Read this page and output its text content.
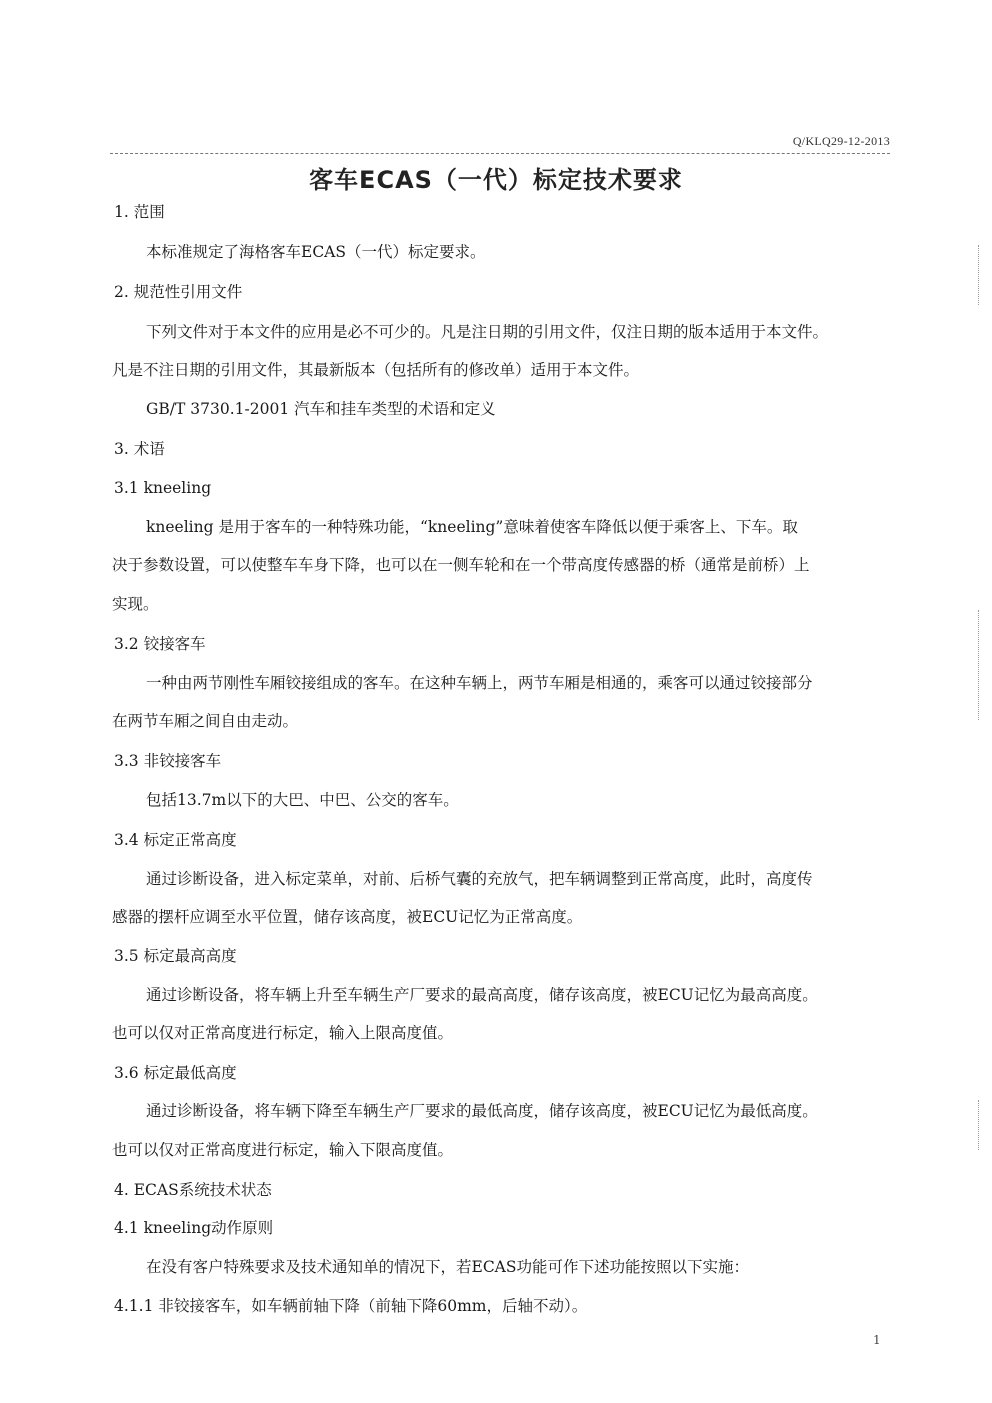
Q/KLQ29-12-2013
客车ECAS（一代）标定技术要求
1. 范围
本标准规定了海格客车ECAS（一代）标定要求。
2. 规范性引用文件
下列文件对于本文件的应用是必不可少的。凡是注日期的引用文件，仅注日期的版本适用于本文件。
凡是不注日期的引用文件，其最新版本（包括所有的修改单）适用于本文件。
GB/T 3730.1-2001 汽车和挂车类型的术语和定义
3. 术语
3.1 kneeling
kneeling 是用于客车的一种特殊功能，“kneeling”意味着使客车降低以便于乘客上、下车。取
决于参数设置，可以使整车车身下降，也可以在一侧车轮和在一个带高度传感器的桥（通常是前桥）上
实现。
3.2 铰接客车
一种由两节刚性车厢铰接组成的客车。在这种车辆上，两节车厢是相通的，乘客可以通过铰接部分
在两节车厢之间自由走动。
3.3 非铰接客车
包括13.7m以下的大巴、中巴、公交的客车。
3.4 标定正常高度
通过诊断设备，进入标定菜单，对前、后桥气囊的充放气，把车辆调整到正常高度，此时，高度传
感器的摆杆应调至水平位置，储存该高度，被ECU记忆为正常高度。
3.5 标定最高高度
通过诊断设备，将车辆上升至车辆生产厂要求的最高高度，储存该高度，被ECU记忆为最高高度。
也可以仅对正常高度进行标定，输入上限高度值。
3.6 标定最低高度
通过诊断设备，将车辆下降至车辆生产厂要求的最低高度，储存该高度，被ECU记忆为最低高度。
也可以仅对正常高度进行标定，输入下限高度值。
4. ECAS系统技术状态
4.1 kneeling动作原则
在没有客户特殊要求及技术通知单的情况下，若ECAS功能可作下述功能按照以下实施：
4.1.1 非铰接客车，如车辆前轴下降（前轴下降60mm，后轴不动）。
1
